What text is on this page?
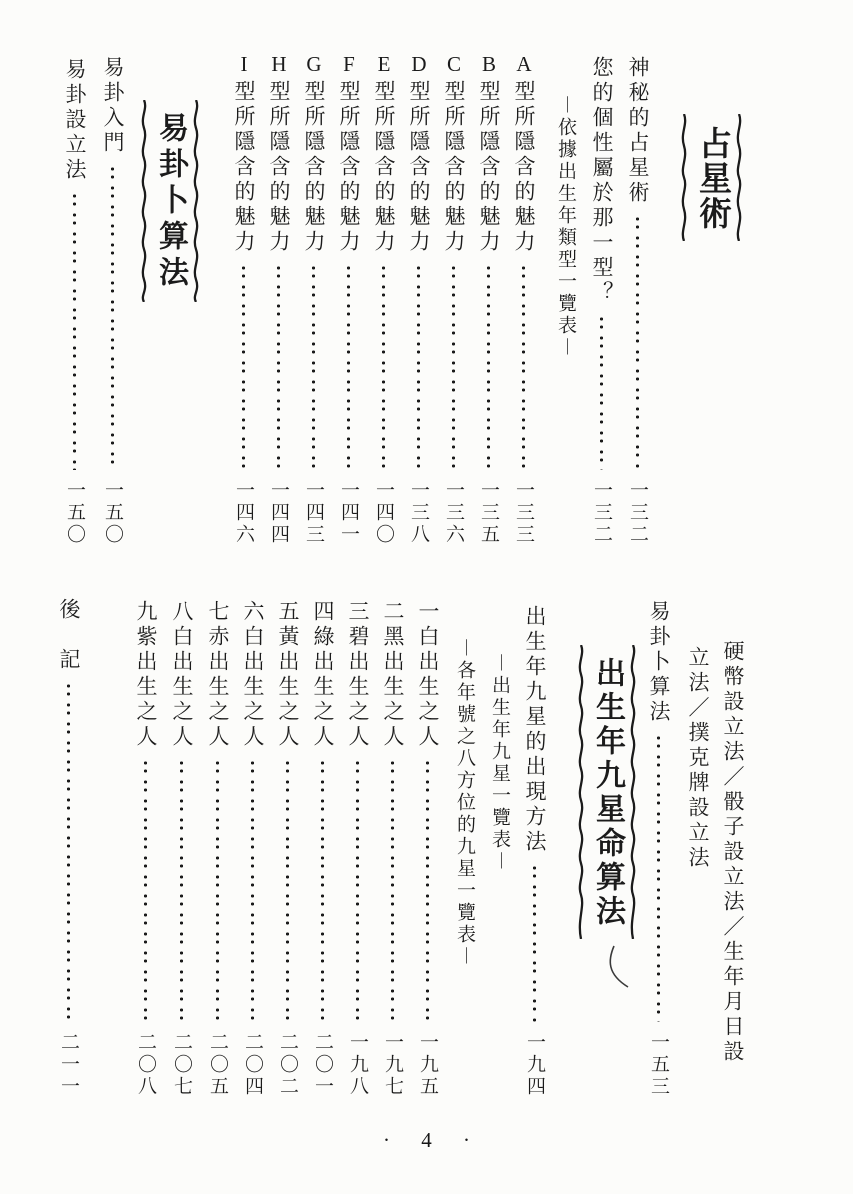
占星術
神秘的占星術
一三二
您的個性屬於那一型？
一三二
︱依據出生年類型一覽表︱
A型所隱含的魅力
一三三
B型所隱含的魅力
一三五
C型所隱含的魅力
一三六
D型所隱含的魅力
一三八
E型所隱含的魅力
一四〇
F型所隱含的魅力
一四一
G型所隱含的魅力
一四三
H型所隱含的魅力
一四四
I型所隱含的魅力
一四六
易卦卜算法
易卦入門
一五〇
易卦設立法
一五〇
硬幣設立法／骰子設立法／生年月日設
立法／撲克牌設立法
易卦卜算法
一五三
出生年九星命算法
出生年九星的出現方法
一九四
︱出生年九星一覽表︱
︱各年號之八方位的九星一覽表︱
一白出生之人
一九五
二黑出生之人
一九七
三碧出生之人
一九八
四綠出生之人
二〇一
五黃出生之人
二〇二
六白出生之人
二〇四
七赤出生之人
二〇五
八白出生之人
二〇七
九紫出生之人
二〇八
後　記
二一一
· 4 ·
